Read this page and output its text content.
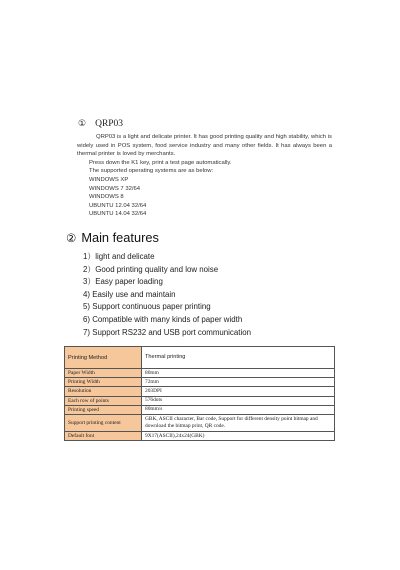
① QRP03

QRP03 is a light and delicate printer. It has good printing quality and high stability, which is widely used in POS system, food service industry and many other fields. It has always been a thermal printer is loved by merchants.

Press down the K1 key, print a test page automatically.

The supported operating systems are as below:

WINDOWS XP

WINDOWS 7 32/64

WINDOWS 8

UBUNTU 12.04 32/64

UBUNTU 14.04 32/64

② Main features
1）light and delicate
2）Good printing quality and low noise
3）Easy paper loading
4) Easily use and maintain
5) Support continuous paper printing
6) Compatible with many kinds of paper width
7) Support RS232 and USB port communication
Printing Method	Thermal printing
Paper Width	80mm
Printing Width	72mm
Resolution	203DPI
Each row of points	576dots
Printing speed	80mm/s
Support printing content	GBK, ASCII character, Bar code, Support for different density point bitmap and download the bitmap print, QR code.
Default font	9X17(ASCII),24x24(GBK)
